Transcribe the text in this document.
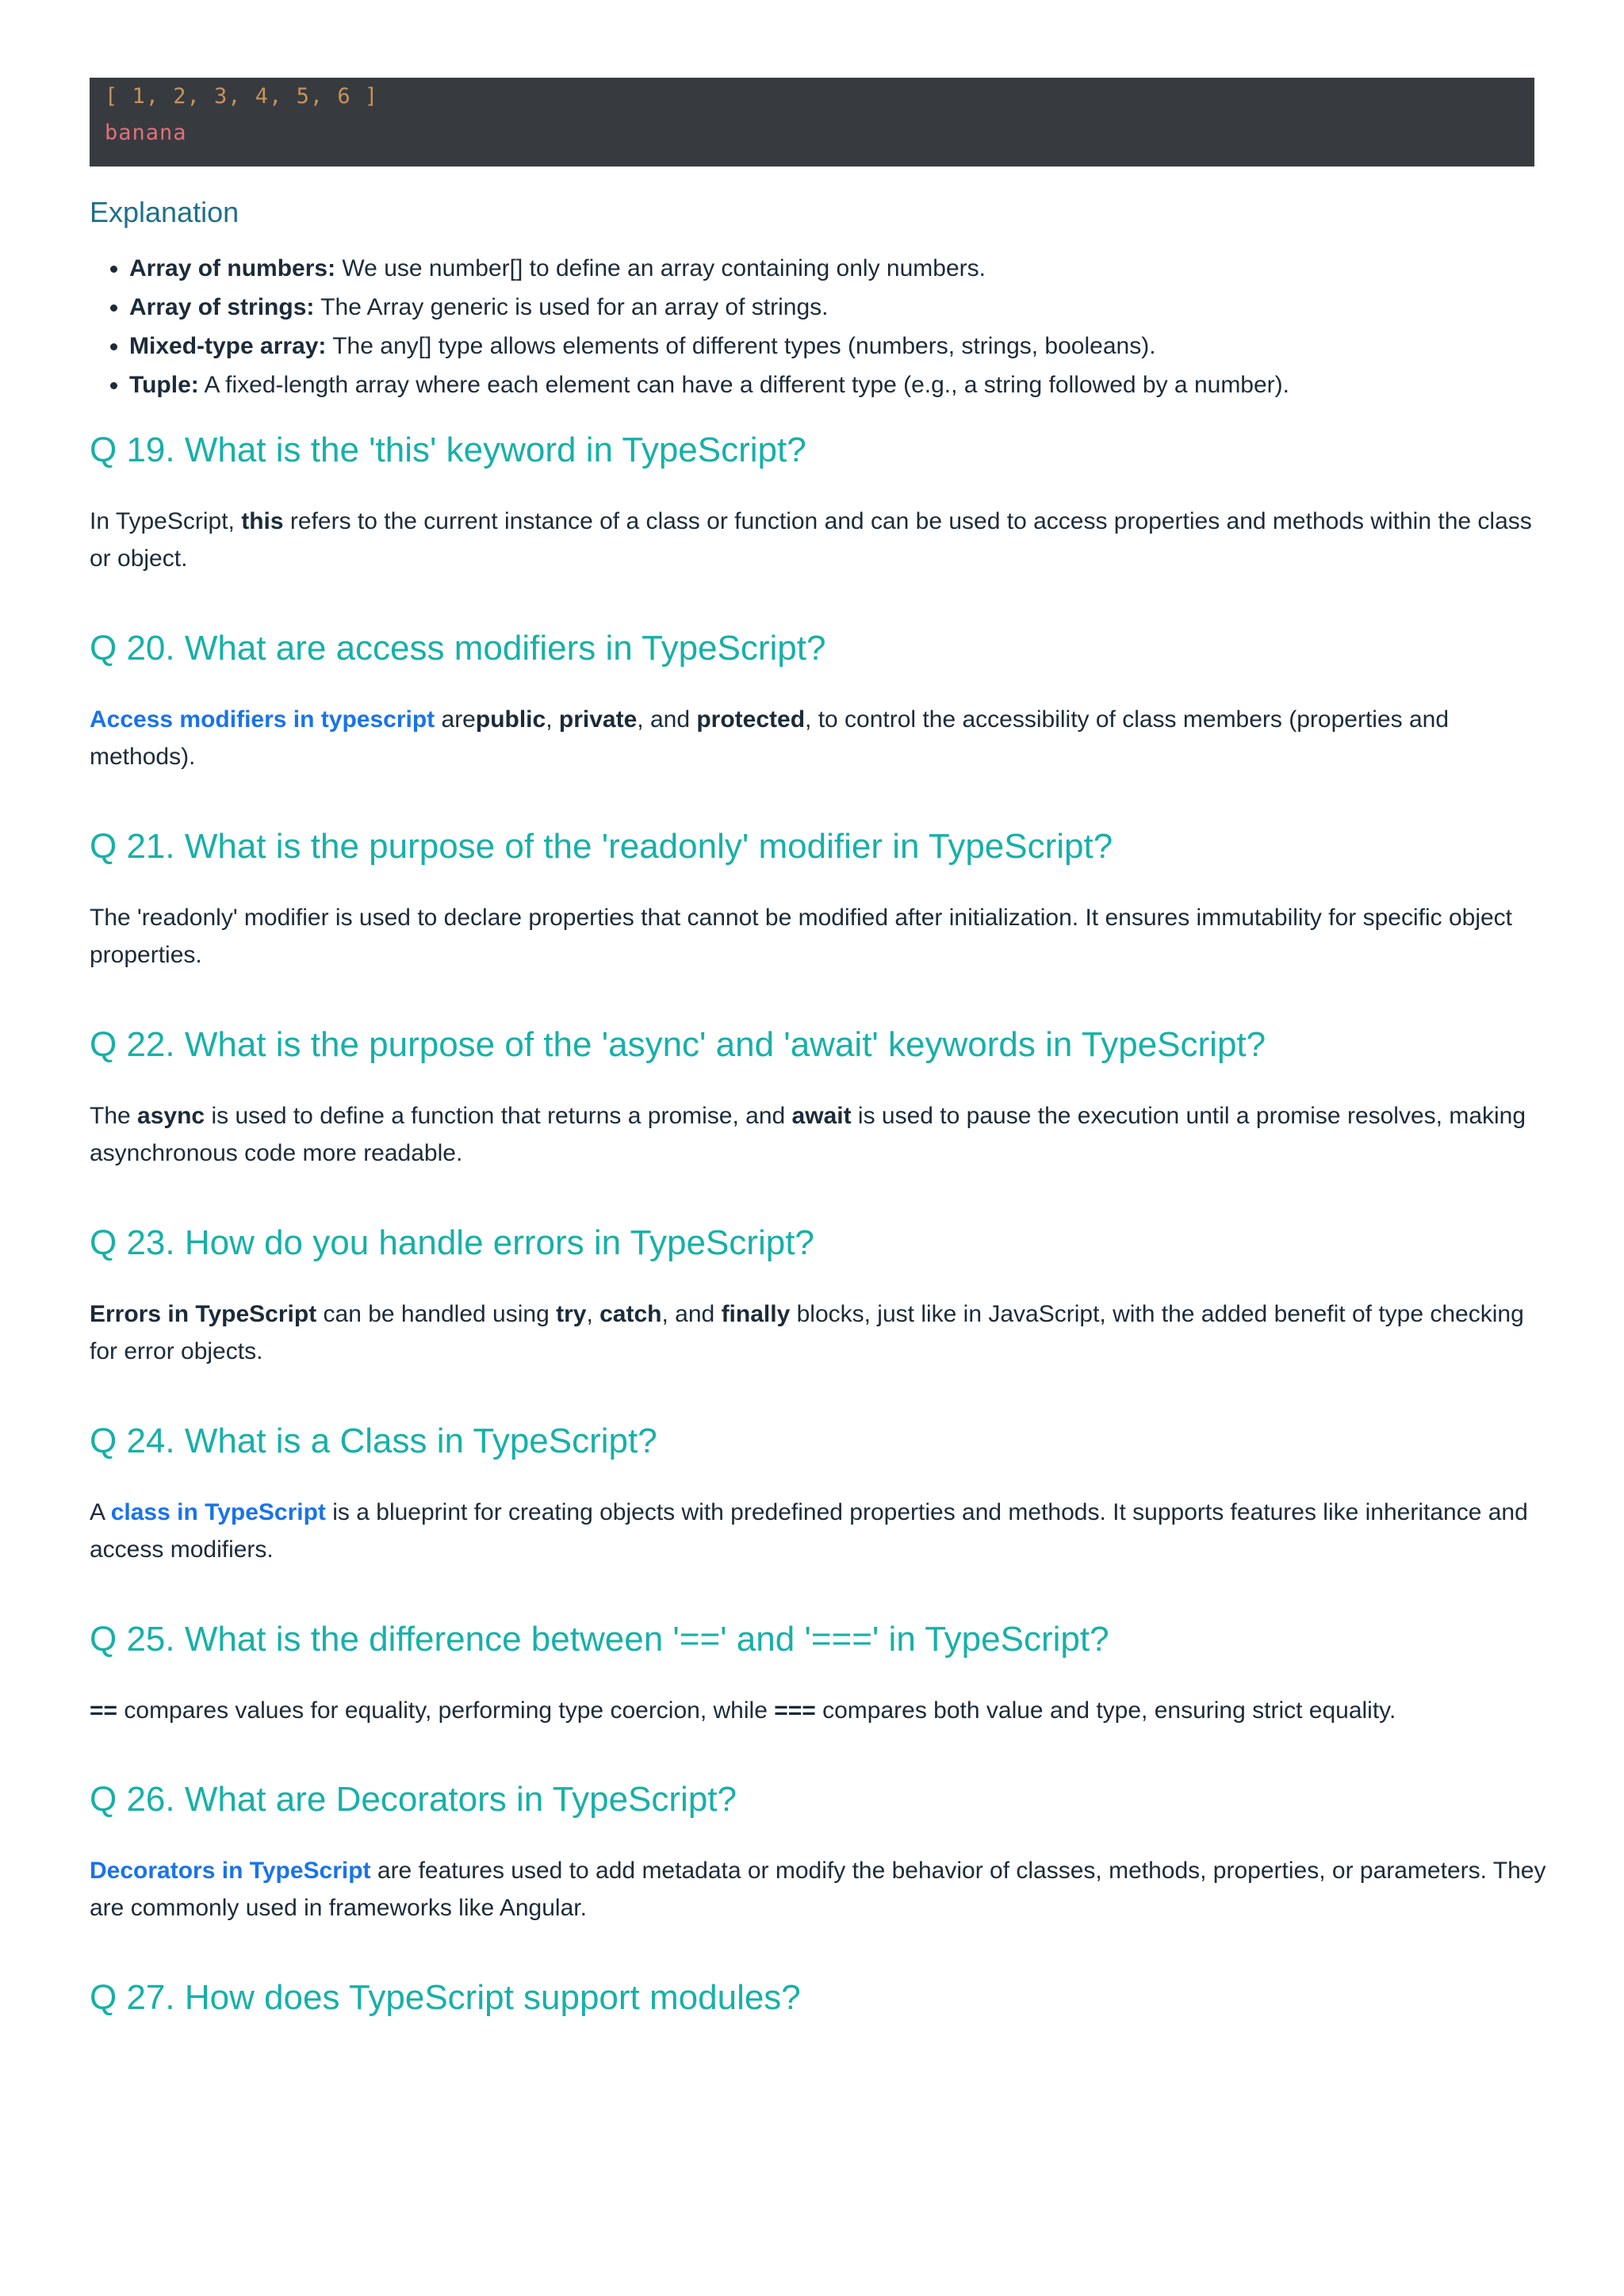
[ 1, 2, 3, 4, 5, 6 ]
banana
Explanation
• Array of numbers: We use number[] to define an array containing only numbers.
• Array of strings: The Array generic is used for an array of strings.
• Mixed-type array: The any[] type allows elements of different types (numbers, strings, booleans).
• Tuple: A fixed-length array where each element can have a different type (e.g., a string followed by a number).
Q 19. What is the 'this' keyword in TypeScript?

In TypeScript, this refers to the current instance of a class or function and can be used to access properties and methods within the class or object.

Q 20. What are access modifiers in TypeScript?

Access modifiers in typescript arepublic, private, and protected, to control the accessibility of class members (properties and methods).

Q 21. What is the purpose of the 'readonly' modifier in TypeScript?

The 'readonly' modifier is used to declare properties that cannot be modified after initialization. It ensures immutability for specific object properties.

Q 22. What is the purpose of the 'async' and 'await' keywords in TypeScript?

The async is used to define a function that returns a promise, and await is used to pause the execution until a promise resolves, making asynchronous code more readable.

Q 23. How do you handle errors in TypeScript?

Errors in TypeScript can be handled using try, catch, and finally blocks, just like in JavaScript, with the added benefit of type checking for error objects.

Q 24. What is a Class in TypeScript?

A class in TypeScript is a blueprint for creating objects with predefined properties and methods. It supports features like inheritance and access modifiers.

Q 25. What is the difference between '==' and '===' in TypeScript?

== compares values for equality, performing type coercion, while === compares both value and type, ensuring strict equality.

Q 26. What are Decorators in TypeScript?

Decorators in TypeScript are features used to add metadata or modify the behavior of classes, methods, properties, or parameters. They are commonly used in frameworks like Angular.

Q 27. How does TypeScript support modules?
